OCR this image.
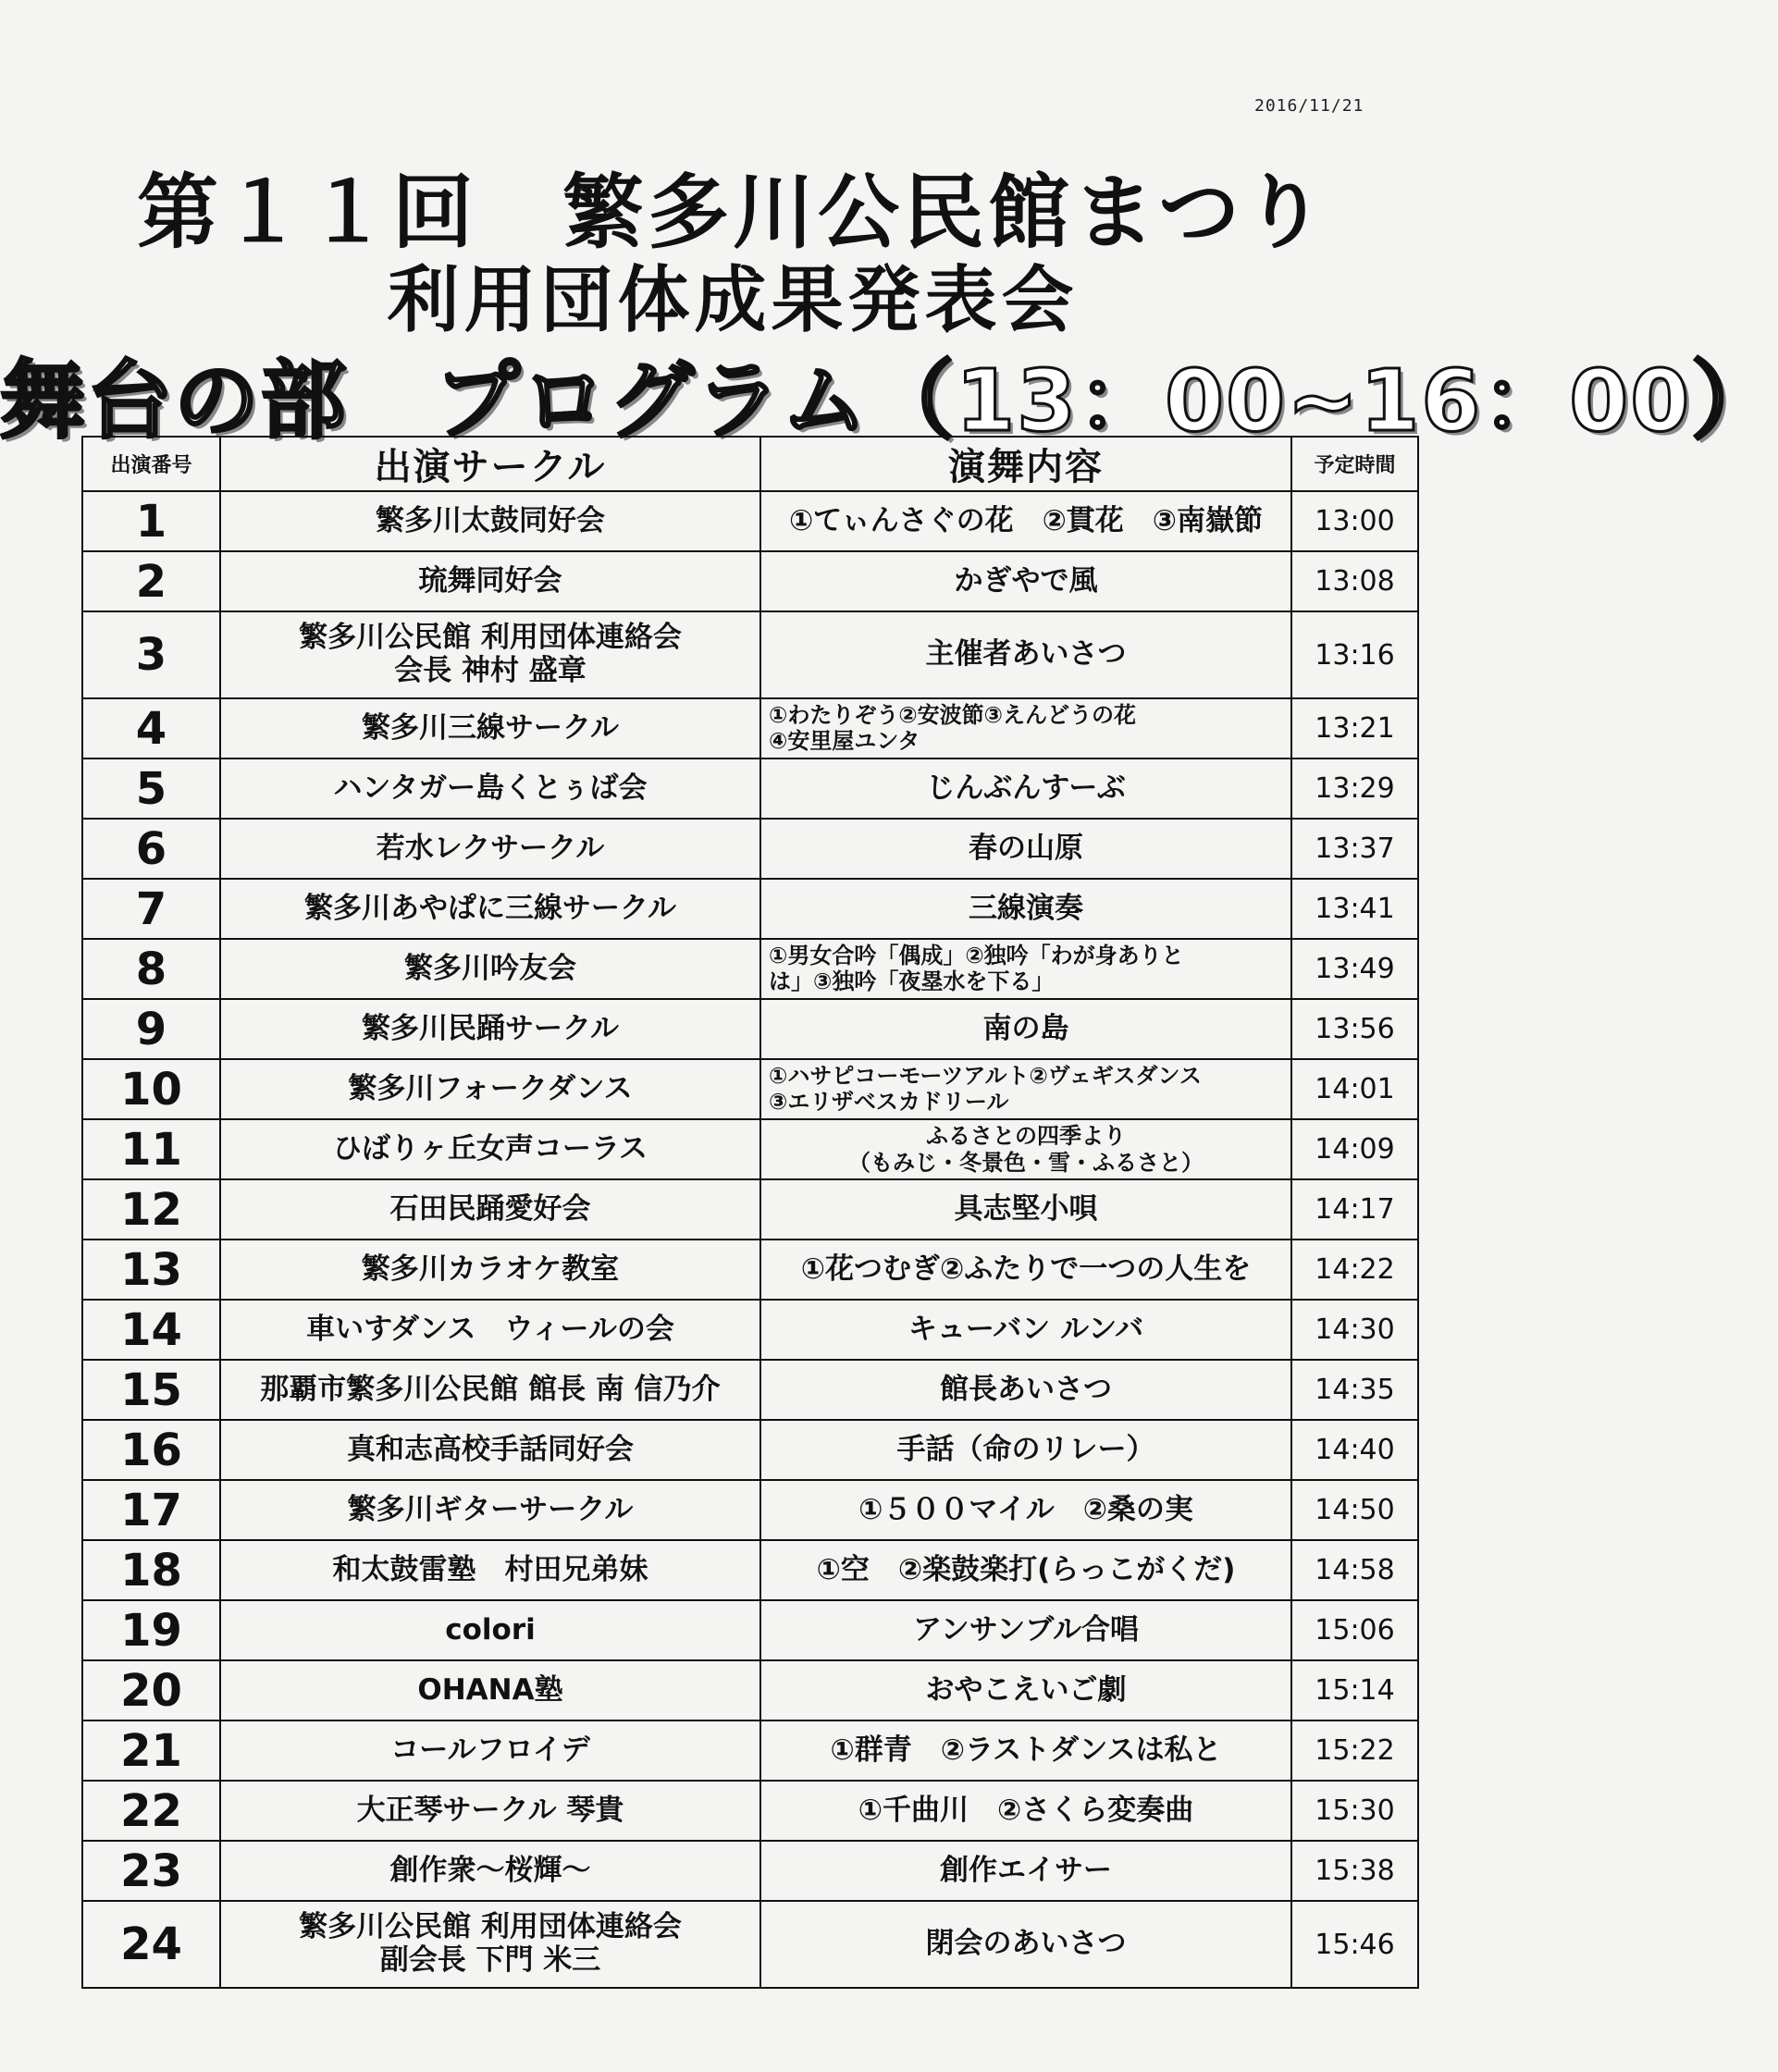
2016/11/21
第１１回　繁多川公民館まつり
利用団体成果発表会
舞台の部　プログラム（13：00~16：00）
出演番号	出演サークル	演舞内容	予定時間
1	繁多川太鼓同好会	①てぃんさぐの花　②貫花　③南嶽節	13:00
2	琉舞同好会	かぎやで風	13:08
3	繁多川公民館 利用団体連絡会
会長 神村 盛章	主催者あいさつ	13:16
4	繁多川三線サークル	①わたりぞう②安波節③えんどうの花
④安里屋ユンタ	13:21
5	ハンタガー島くとぅば会	じんぶんすーぶ	13:29
6	若水レクサークル	春の山原	13:37
7	繁多川あやぱに三線サークル	三線演奏	13:41
8	繁多川吟友会	①男女合吟「偶成」②独吟「わが身ありと
は」③独吟「夜塁水を下る」	13:49
9	繁多川民踊サークル	南の島	13:56
10	繁多川フォークダンス	①ハサピコーモーツアルト②ヴェギスダンス
③エリザベスカドリール	14:01
11	ひばりヶ丘女声コーラス	ふるさとの四季より
（もみじ・冬景色・雪・ふるさと）	14:09
12	石田民踊愛好会	具志堅小唄	14:17
13	繁多川カラオケ教室	①花つむぎ②ふたりで一つの人生を	14:22
14	車いすダンス　ウィールの会	キューバン ルンバ	14:30
15	那覇市繁多川公民館 館長 南 信乃介	館長あいさつ	14:35
16	真和志高校手話同好会	手話（命のリレー）	14:40
17	繁多川ギターサークル	①５００マイル　②桑の実	14:50
18	和太鼓雷塾　村田兄弟妹	①空　②楽鼓楽打(らっこがくだ)	14:58
19	colori	アンサンブル合唱	15:06
20	OHANA塾	おやこえいご劇	15:14
21	コールフロイデ	①群青　②ラストダンスは私と	15:22
22	大正琴サークル 琴貴	①千曲川　②さくら変奏曲	15:30
23	創作衆～桜輝～	創作エイサー	15:38
24	繁多川公民館 利用団体連絡会
副会長 下門 米三	閉会のあいさつ	15:46
